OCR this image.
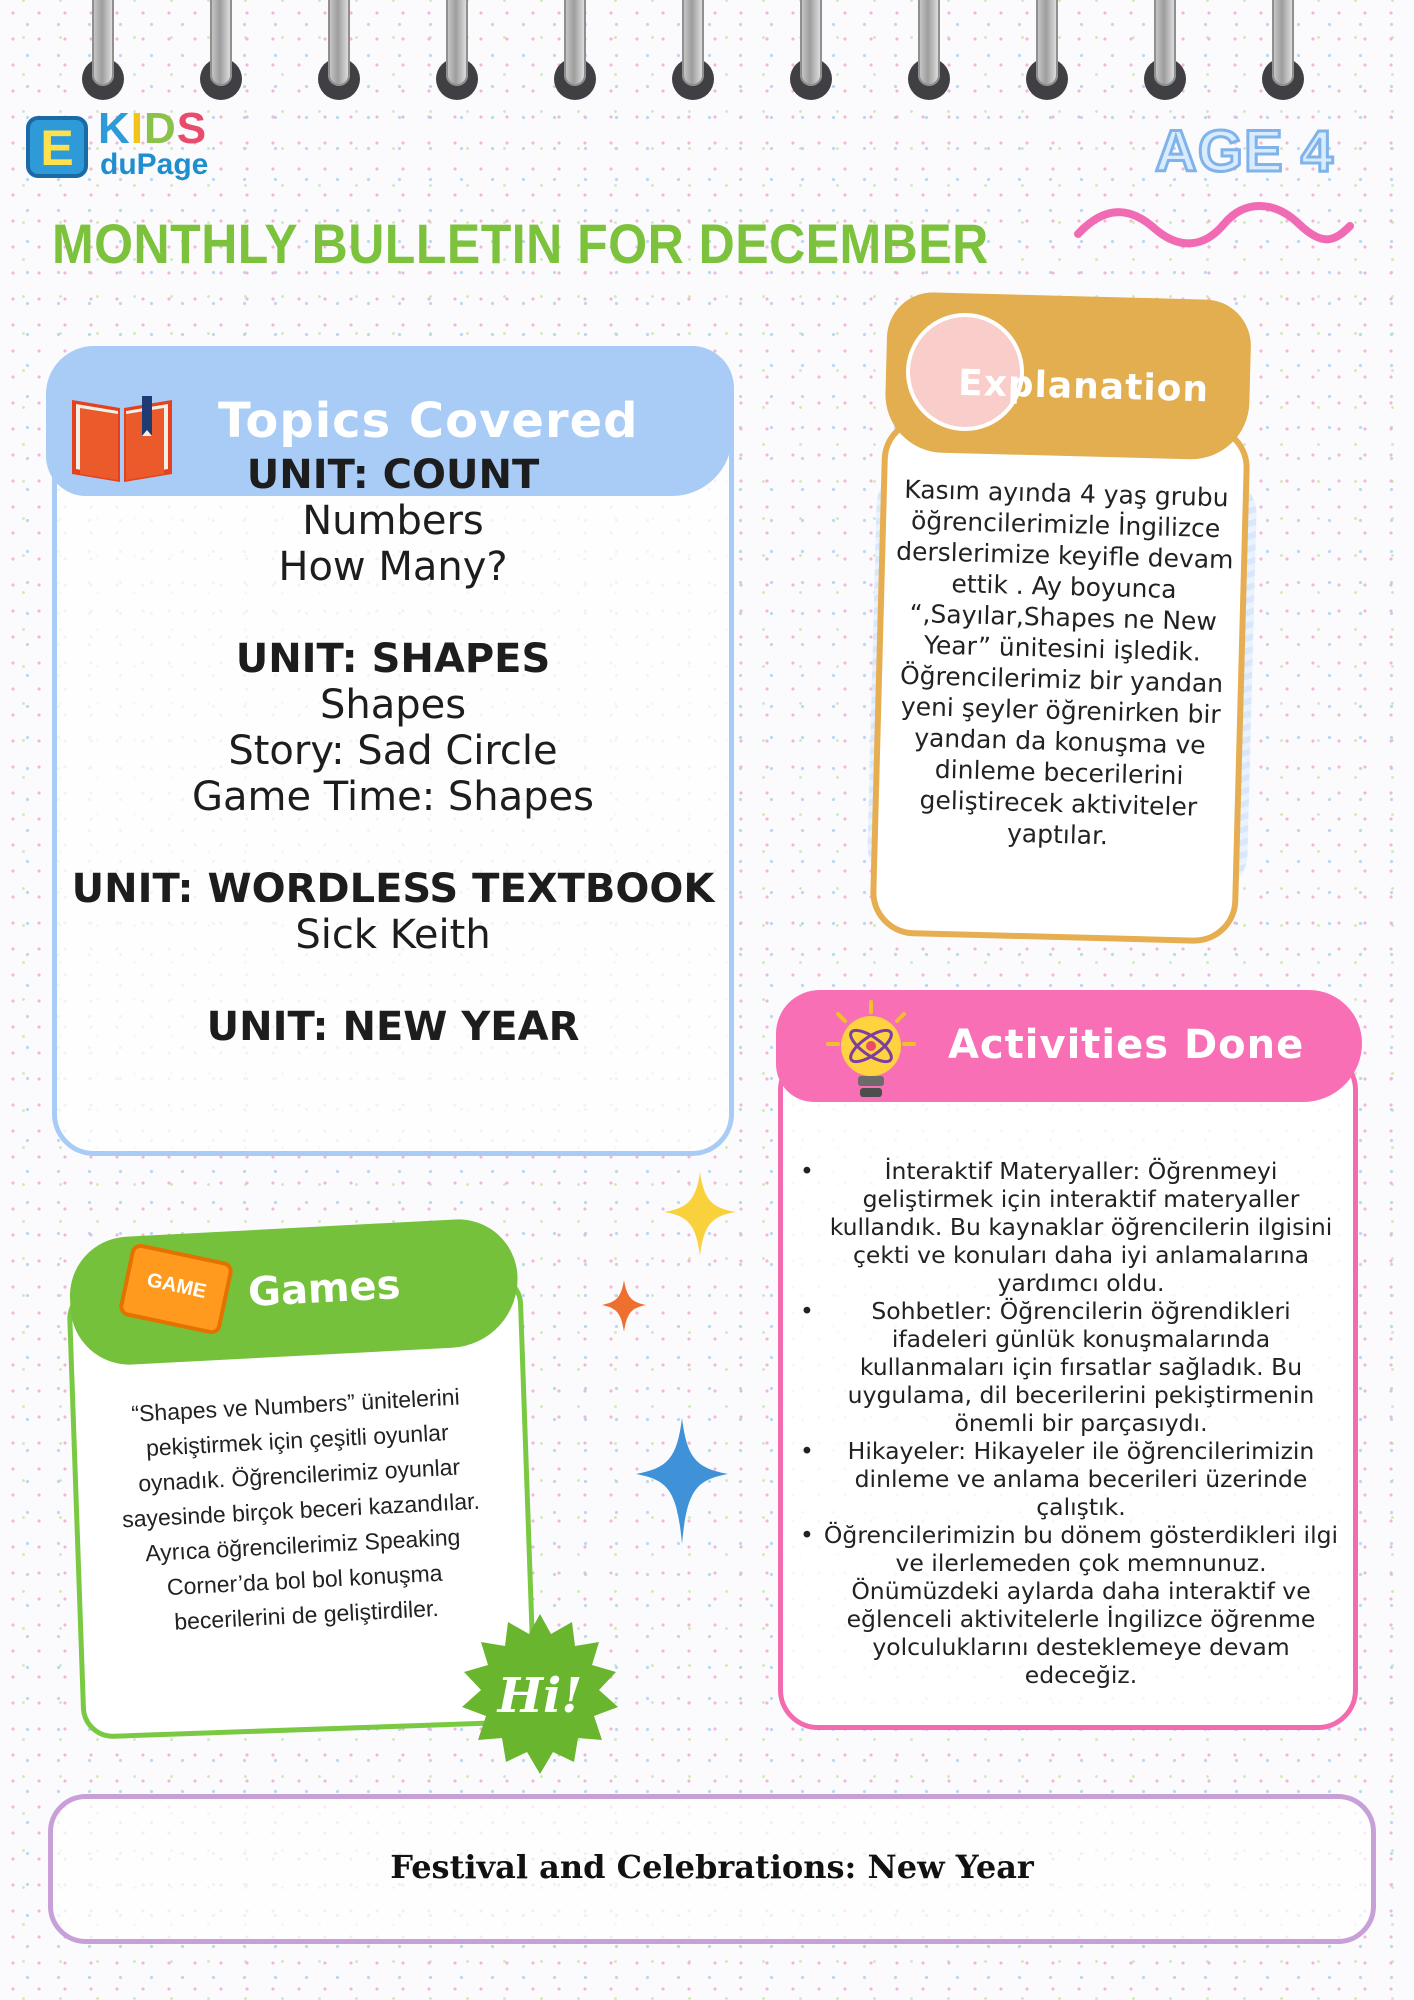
E KIDS
duPage	AGE 4
MONTHLY BULLETIN FOR DECEMBER
Topics Covered
UNIT: COUNT
Numbers
How Many?
UNIT: SHAPES
Shapes
Story: Sad Circle
Game Time: Shapes
UNIT: WORDLESS TEXTBOOK
Sick Keith
UNIT: NEW YEAR
Explanation
Kasım ayında 4 yaş grubu öğrencilerimizle İngilizce derslerimize keyifle devam ettik . Ay boyunca “,Sayılar,Shapes ne New Year” ünitesini işledik. Öğrencilerimiz bir yandan yeni şeyler öğrenirken bir yandan da konuşma ve dinleme becerilerini geliştirecek aktiviteler yaptılar.
Activities Done
• İnteraktif Materyaller: Öğrenmeyi geliştirmek için interaktif materyaller kullandık. Bu kaynaklar öğrencilerin ilgisini çekti ve konuları daha iyi anlamalarına yardımcı oldu.
• Sohbetler: Öğrencilerin öğrendikleri ifadeleri günlük konuşmalarında kullanmaları için fırsatlar sağladık. Bu uygulama, dil becerilerini pekiştirmenin önemli bir parçasıydı.
• Hikayeler: Hikayeler ile öğrencilerimizin dinleme ve anlama becerileri üzerinde çalıştık.
• Öğrencilerimizin bu dönem gösterdikleri ilgi ve ilerlemeden çok memnunuz. Önümüzdeki aylarda daha interaktif ve eğlenceli aktivitelerle İngilizce öğrenme yolculuklarını desteklemeye devam edeceğiz.
GAME Games
“Shapes ve Numbers” ünitelerini pekiştirmek için çeşitli oyunlar oynadık. Öğrencilerimiz oyunlar sayesinde birçok beceri kazandılar. Ayrıca öğrencilerimiz Speaking Corner’da bol bol konuşma becerilerini de geliştirdiler.
Hi!
Festival and Celebrations: New Year
